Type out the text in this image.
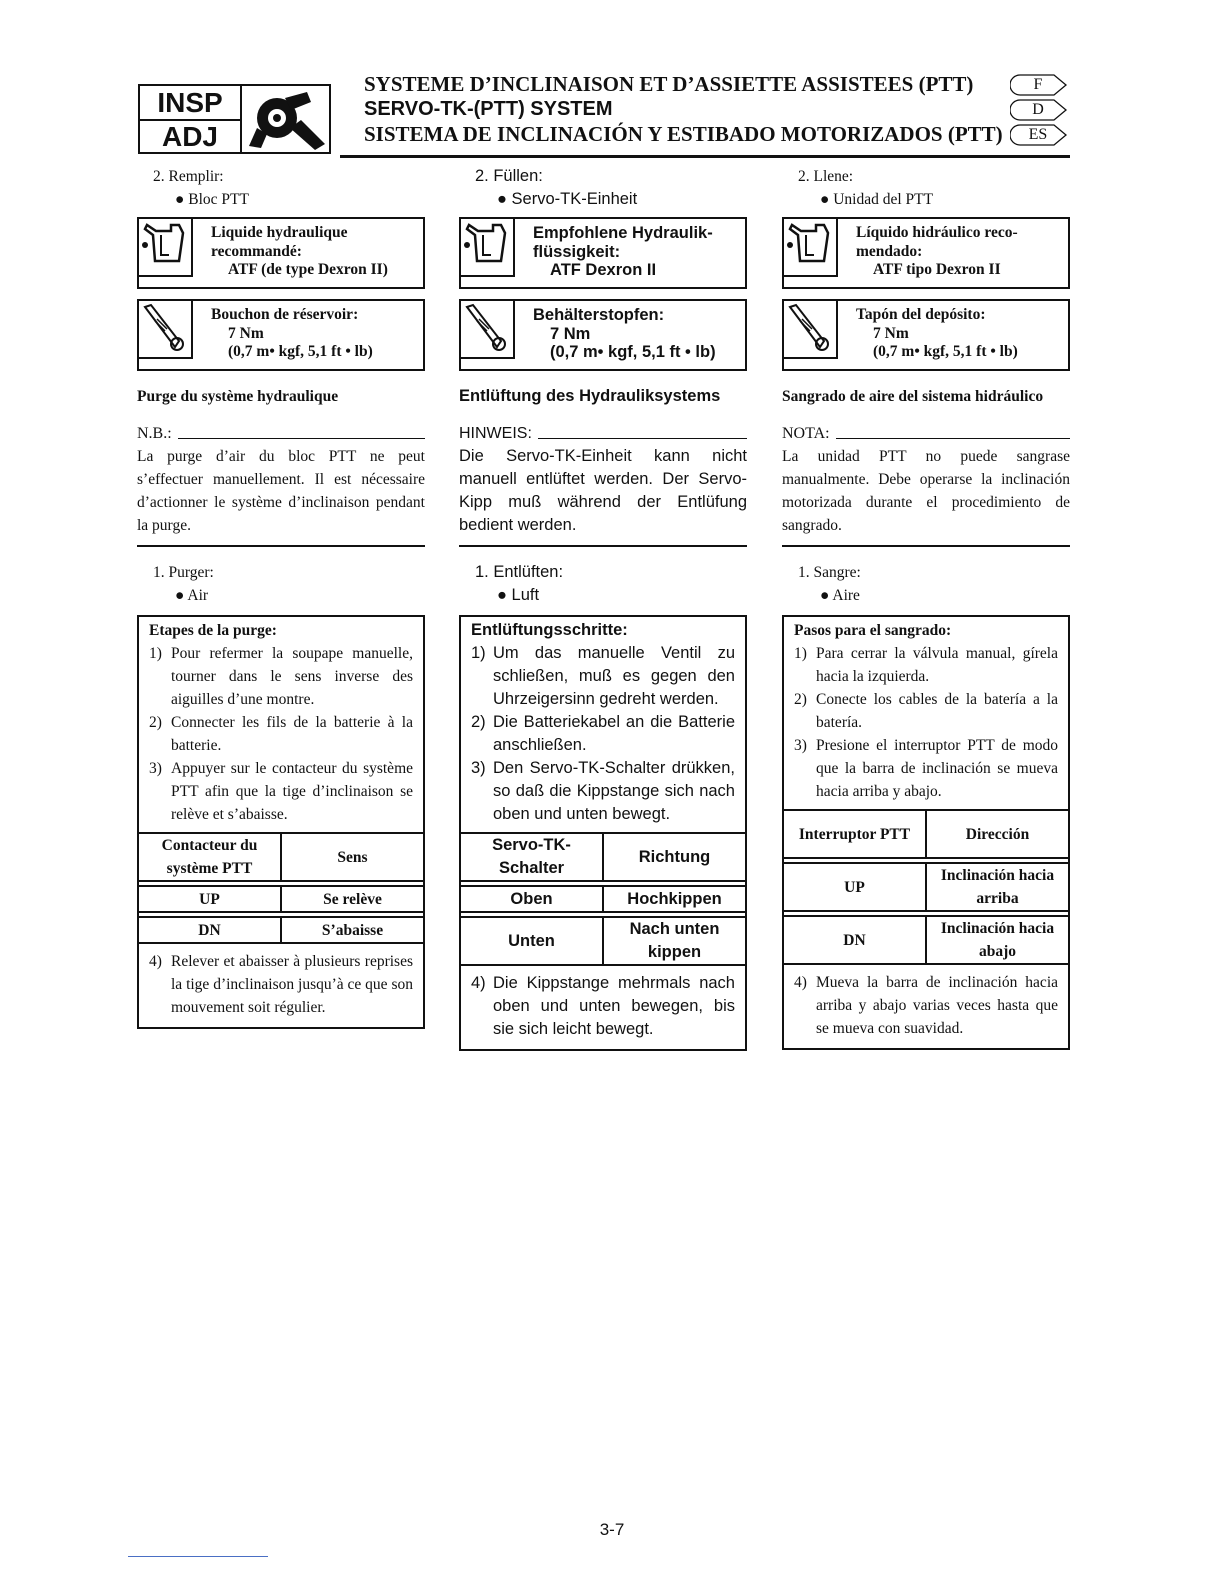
INSP
ADJ
SYSTEME D’INCLINAISON ET D’ASSIETTE ASSISTEES (PTT)
SERVO-TK-(PTT) SYSTEM
SISTEMA DE INCLINACIÓN Y ESTIBADO MOTORIZADOS (PTT)
F
D
ES
2. Remplir:
● Bloc PTT
Liquide hydraulique
recommandé:
ATF (de type Dexron II)
Bouchon de réservoir:
7 Nm
(0,7 m• kgf, 5,1 ft • lb)
Purge du système hydraulique
N.B.:
La purge d’air du bloc PTT ne peut s’effectuer manuellement. Il est nécessaire d’actionner le système d’inclinaison pendant la purge.
1. Purger:
● Air
Etapes de la purge:
1) Pour refermer la soupape manuelle, tourner dans le sens inverse des aiguilles d’une montre.
2) Connecter les fils de la batterie à la batterie.
3) Appuyer sur le contacteur du système PTT afin que la tige d’inclinaison se relève et s’abaisse.
Contacteur du système PTT	Sens

UP	Se relève

DN	S’abaisse
4) Relever et abaisser à plusieurs reprises la tige d’inclinaison jusqu’à ce que son mouvement soit régulier.
2. Füllen:
● Servo-TK-Einheit
Empfohlene Hydraulik-
flüssigkeit:
ATF Dexron II
Behälterstopfen:
7 Nm
(0,7 m• kgf, 5,1 ft • lb)
Entlüftung des Hydrauliksystems
HINWEIS:
Die Servo-TK-Einheit kann nicht manuell entlüftet werden. Der Servo-Kipp muß während der Entlüfung bedient werden.
1. Entlüften:
● Luft
Entlüftungsschritte:
1) Um das manuelle Ventil zu schließen, muß es gegen den Uhrzeigersinn gedreht werden.
2) Die Batteriekabel an die Batterie anschließen.
3) Den Servo-TK-Schalter drükken, so daß die Kippstange sich nach oben und unten bewegt.
Servo-TK-Schalter	Richtung

Oben	Hochkippen

Unten	Nach unten kippen
4) Die Kippstange mehrmals nach oben und unten bewegen, bis sie sich leicht bewegt.
2. Llene:
● Unidad del PTT
Líquido hidráulico reco-
mendado:
ATF tipo Dexron II
Tapón del depósito:
7 Nm
(0,7 m• kgf, 5,1 ft • lb)
Sangrado de aire del sistema hidráulico
NOTA:
La unidad PTT no puede sangrase manualmente. Debe operarse la inclinación motorizada durante el procedimiento de sangrado.
1. Sangre:
● Aire
Pasos para el sangrado:
1) Para cerrar la válvula manual, gírela hacia la izquierda.
2) Conecte los cables de la batería a la batería.
3) Presione el interruptor PTT de modo que la barra de inclinación se mueva hacia arriba y abajo.
Interruptor PTT	Dirección

UP	Inclinación hacia arriba

DN	Inclinación hacia abajo
4) Mueva la barra de inclinación hacia arriba y abajo varias veces hasta que se mueva con suavidad.
3-7
